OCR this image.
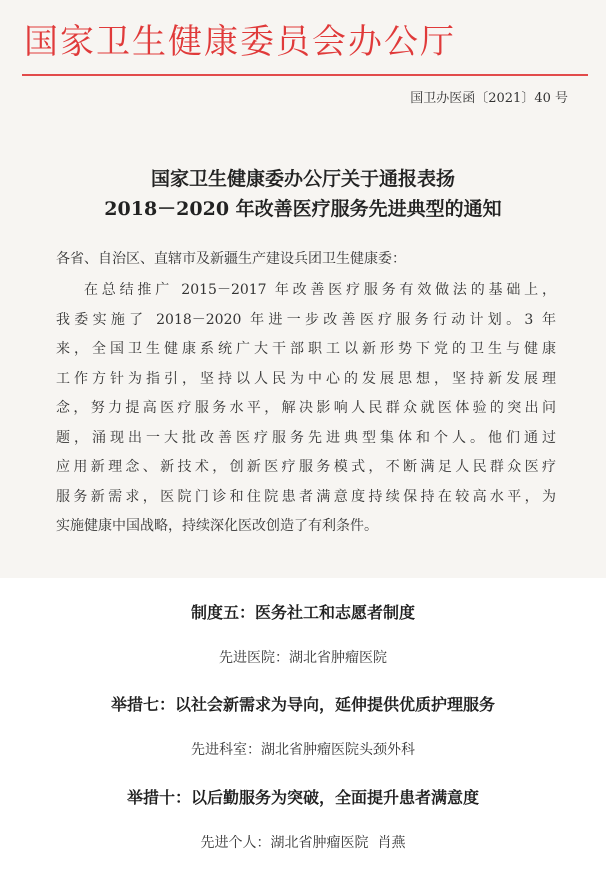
国家卫生健康委员会办公厅
国卫办医函〔2021〕40 号
国家卫生健康委办公厅关于通报表扬
2018－2020 年改善医疗服务先进典型的通知
各省、自治区、直辖市及新疆生产建设兵团卫生健康委：
在总结推广 2015－2017 年改善医疗服务有效做法的基础上，
我委实施了 2018－2020 年进一步改善医疗服务行动计划。3 年
来，全国卫生健康系统广大干部职工以新形势下党的卫生与健康
工作方针为指引，坚持以人民为中心的发展思想，坚持新发展理
念，努力提高医疗服务水平，解决影响人民群众就医体验的突出问
题，涌现出一大批改善医疗服务先进典型集体和个人。他们通过
应用新理念、新技术，创新医疗服务模式，不断满足人民群众医疗
服务新需求，医院门诊和住院患者满意度持续保持在较高水平，为
实施健康中国战略，持续深化医改创造了有利条件。
制度五：医务社工和志愿者制度
先进医院：湖北省肿瘤医院
举措七：以社会新需求为导向，延伸提供优质护理服务
先进科室：湖北省肿瘤医院头颈外科
举措十：以后勤服务为突破，全面提升患者满意度
先进个人：湖北省肿瘤医院  肖燕
